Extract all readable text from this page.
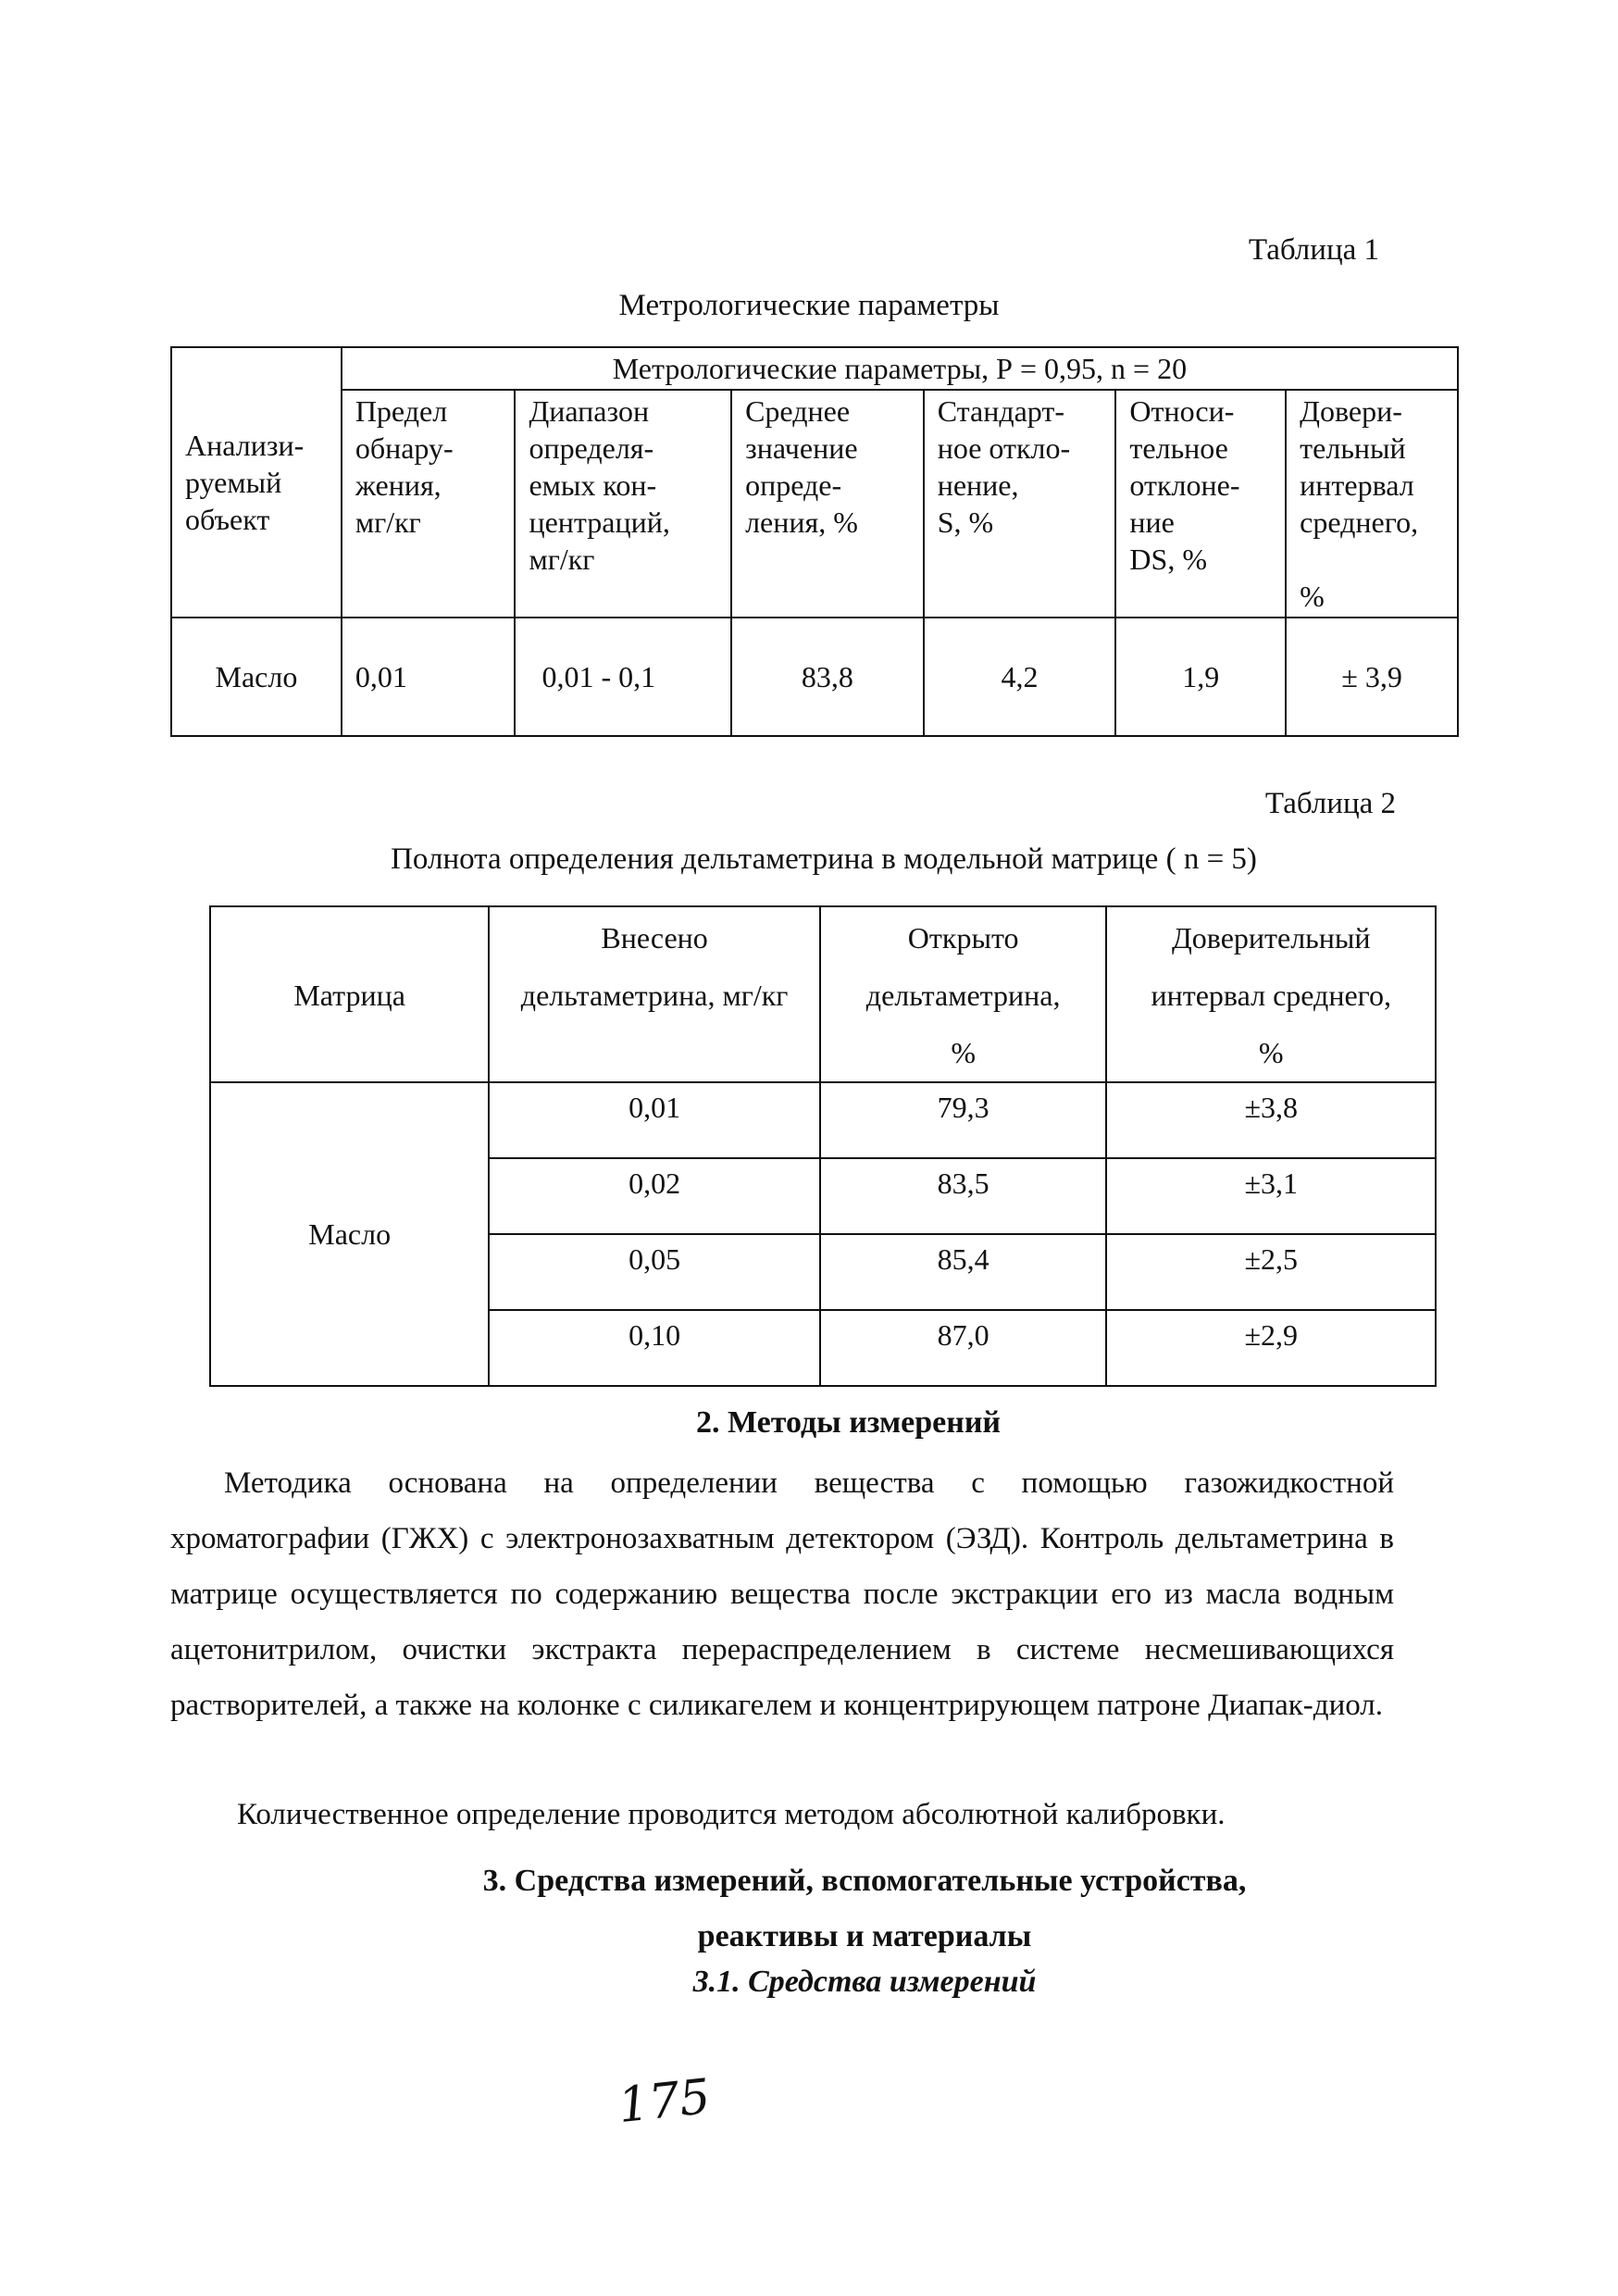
Таблица 1
Метрологические параметры
Анализи-
руемый
объект	Метрологические параметры, Р = 0,95, n = 20					
	Предел
обнару-
жения,
мг/кг	Диапазон
определя-
емых кон-
центраций,
мг/кг	Среднее
значение
опреде-
ления, %	Стандарт-
ное откло-
нение,
S, %	Относи-
тельное
отклоне-
ние
DS, %	Довери-
тельный
интервал
среднего,

%
Масло	0,01	0,01 - 0,1	83,8	4,2	1,9	± 3,9
Таблица 2
Полнота определения дельтаметрина в модельной матрице ( n = 5)
Матрица	Внесено
дельтаметрина, мг/кг	Открыто
дельтаметрина,
%	Доверительный
интервал среднего,
%
Масло	0,01	79,3	±3,8
	0,02	83,5	±3,1
	0,05	85,4	±2,5
	0,10	87,0	±2,9
2. Методы измерений
Методика основана на определении вещества с помощью газожидкостной хроматографии (ГЖХ) с электронозахватным детектором (ЭЗД). Контроль дельтаметрина в матрице осуществляется по содержанию вещества после экстракции его из масла водным ацетонитрилом, очистки экстракта перераспределением в системе несмешивающихся растворителей, а также на колонке с силикагелем и концентрирующем патроне Диапак-диол.
Количественное определение проводится методом абсолютной калибровки.
3. Средства измерений, вспомогательные устройства,
реактивы и материалы
3.1. Средства измерений
175
